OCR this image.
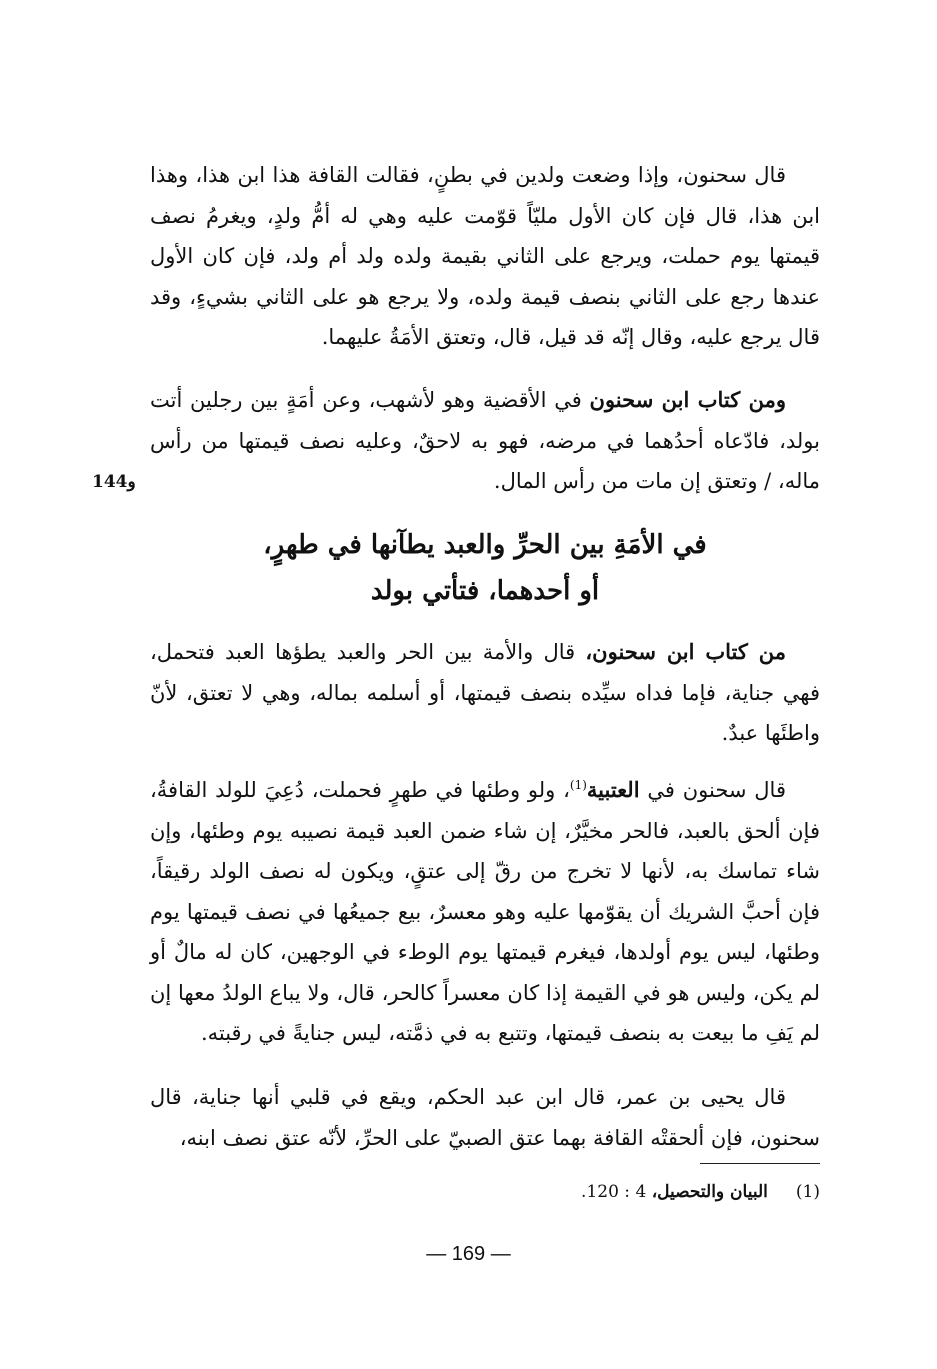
قال سحنون، وإذا وضعت ولدين في بطنٍ، فقالت القافة هذا ابن هذا، وهذا ابن هذا، قال فإن كان الأول مليّاً قوّمت عليه وهي له أمُّ ولدٍ، ويغرمُ نصف قيمتها يوم حملت، ويرجع على الثاني بقيمة ولده ولد أم ولد، فإن كان الأول عندها رجع على الثاني بنصف قيمة ولده، ولا يرجع هو على الثاني بشيءٍ، وقد قال يرجع عليه، وقال إنّه قد قيل، قال، وتعتق الأمَةُ عليهما.

ومن كتاب ابن سحنون في الأقضية وهو لأشهب، وعن أمَةٍ بين رجلين أتت بولد، فادّعاه أحدُهما في مرضه، فهو به لاحقٌ، وعليه نصف قيمتها من رأس ماله، / وتعتق إن مات من رأس المال.

144و
في الأمَةِ بين الحرِّ والعبد يطآنها في طهرٍ،
أو أحدهما، فتأتي بولد

من كتاب ابن سحنون، قال والأمة بين الحر والعبد يطؤها العبد فتحمل، فهي جناية، فإما فداه سيِّده بنصف قيمتها، أو أسلمه بماله، وهي لا تعتق، لأنّ واطئَها عبدٌ.

قال سحنون في العتبية$^{(1)}$، ولو وطئها في طهرٍ فحملت، دُعِيَ للولد القافةُ، فإن ألحق بالعبد، فالحر مخيَّرٌ، إن شاء ضمن العبد قيمة نصيبه يوم وطئها، وإن شاء تماسك به، لأنها لا تخرج من رقّ إلى عتقٍ، ويكون له نصف الولد رقيقاً، فإن أحبَّ الشريك أن يقوّمها عليه وهو معسرٌ، بيع جميعُها في نصف قيمتها يوم وطئها، ليس يوم أولدها، فيغرم قيمتها يوم الوطء في الوجهين، كان له مالٌ أو لم يكن، وليس هو في القيمة إذا كان معسراً كالحر، قال، ولا يباع الولدُ معها إن لم يَفِ ما بيعت به بنصف قيمتها، وتتبع به في ذمَّته، ليس جنايةً في رقبته.

قال يحيى بن عمر، قال ابن عبد الحكم، ويقع في قلبي أنها جناية، قال سحنون، فإن ألحقتْه القافة بهما عتق الصبيّ على الحرِّ، لأنّه عتق نصف ابنه،

(1)البيان والتحصيل، 4 : 120.
— 169 —
